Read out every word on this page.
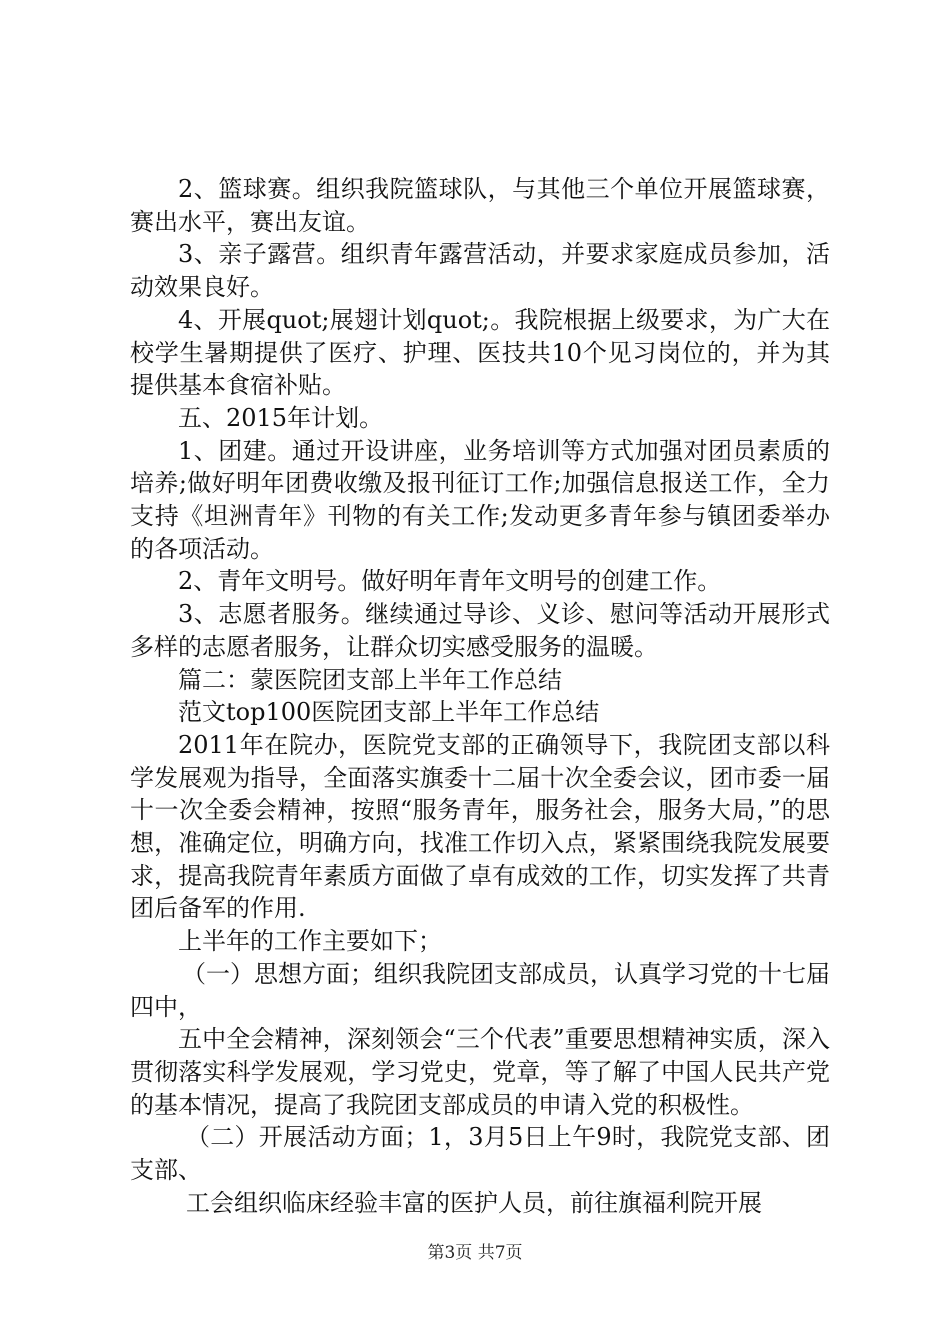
2、篮球赛。组织我院篮球队，与其他三个单位开展篮球赛，赛出水平，赛出友谊。

3、亲子露营。组织青年露营活动，并要求家庭成员参加，活动效果良好。

4、开展quot;展翅计划quot;。我院根据上级要求，为广大在校学生暑期提供了医疗、护理、医技共10个见习岗位的，并为其提供基本食宿补贴。

五、2015年计划。

1、团建。通过开设讲座，业务培训等方式加强对团员素质的培养;做好明年团费收缴及报刊征订工作;加强信息报送工作，全力支持《坦洲青年》刊物的有关工作;发动更多青年参与镇团委举办的各项活动。

2、青年文明号。做好明年青年文明号的创建工作。

3、志愿者服务。继续通过导诊、义诊、慰问等活动开展形式多样的志愿者服务，让群众切实感受服务的温暖。

篇二：蒙医院团支部上半年工作总结

范文top100医院团支部上半年工作总结

2011年在院办，医院党支部的正确领导下，我院团支部以科学发展观为指导，全面落实旗委十二届十次全委会议，团市委一届十一次全委会精神，按照“服务青年，服务社会，服务大局，”的思想，准确定位，明确方向，找准工作切入点，紧紧围绕我院发展要求，提高我院青年素质方面做了卓有成效的工作，切实发挥了共青团后备军的作用.

上半年的工作主要如下；

（一）思想方面；组织我院团支部成员，认真学习党的十七届四中，

五中全会精神，深刻领会“三个代表”重要思想精神实质，深入贯彻落实科学发展观，学习党史，党章，等了解了中国人民共产党的基本情况，提高了我院团支部成员的申请入党的积极性。

（二）开展活动方面；1，3月5日上午9时，我院党支部、团支部、

工会组织临床经验丰富的医护人员，前往旗福利院开展

第3页 共7页
